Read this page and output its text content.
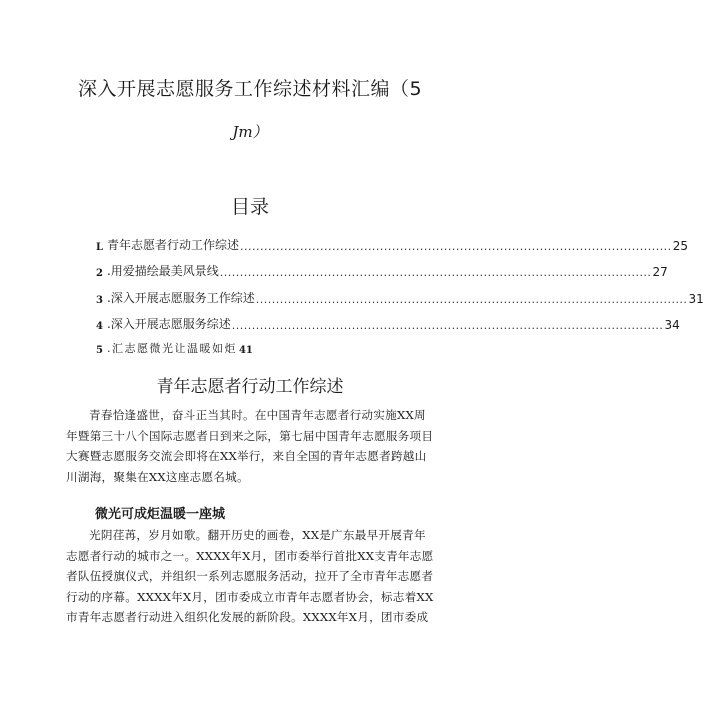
深入开展志愿服务工作综述材料汇编（5
Jm）
目录
L 青年志愿者行动工作综述 ............................................................................................................ 25
2 .用爱描绘最美风景线 ............................................................................................................ 27
3 .深入开展志愿服务工作综述 ............................................................................................................ 31
4 .深入开展志愿服务综述 ............................................................................................................ 34
5 .汇志愿微光让温暖如炬 41
青年志愿者行动工作综述
青春恰逢盛世，奋斗正当其时。在中国青年志愿者行动实施XX周
年暨第三十八个国际志愿者日到来之际，第七届中国青年志愿服务项目
大赛暨志愿服务交流会即将在XX举行，来自全国的青年志愿者跨越山
川湖海，聚集在XX这座志愿名城。
微光可成炬温暖一座城
光阴荏苒，岁月如歌。翻开历史的画卷，XX是广东最早开展青年
志愿者行动的城市之一。XXXX年X月，团市委举行首批XX支青年志愿
者队伍授旗仪式，并组织一系列志愿服务活动，拉开了全市青年志愿者
行动的序幕。XXXX年X月，团市委成立市青年志愿者协会，标志着XX
市青年志愿者行动进入组织化发展的新阶段。XXXX年X月，团市委成
